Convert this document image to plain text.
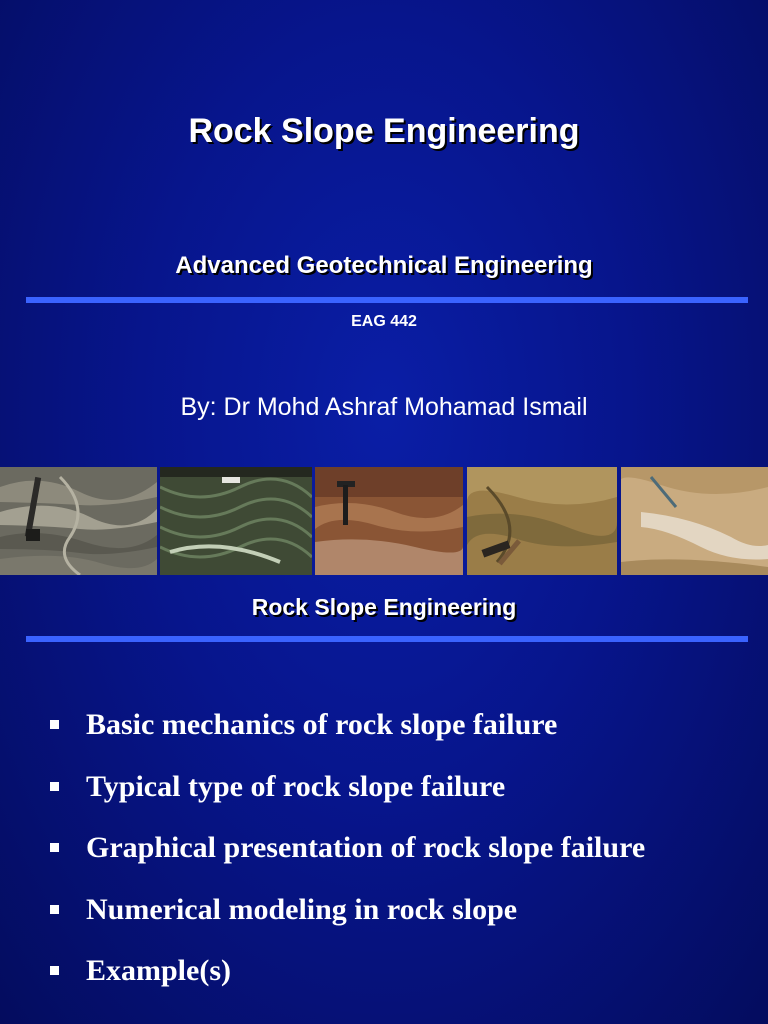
Rock Slope Engineering
Advanced Geotechnical Engineering
EAG 442
By: Dr Mohd Ashraf Mohamad Ismail
Rock Slope Engineering
Basic mechanics of rock slope failure
Typical type of rock slope failure
Graphical presentation of rock slope failure
Numerical modeling in rock slope
Example(s)
